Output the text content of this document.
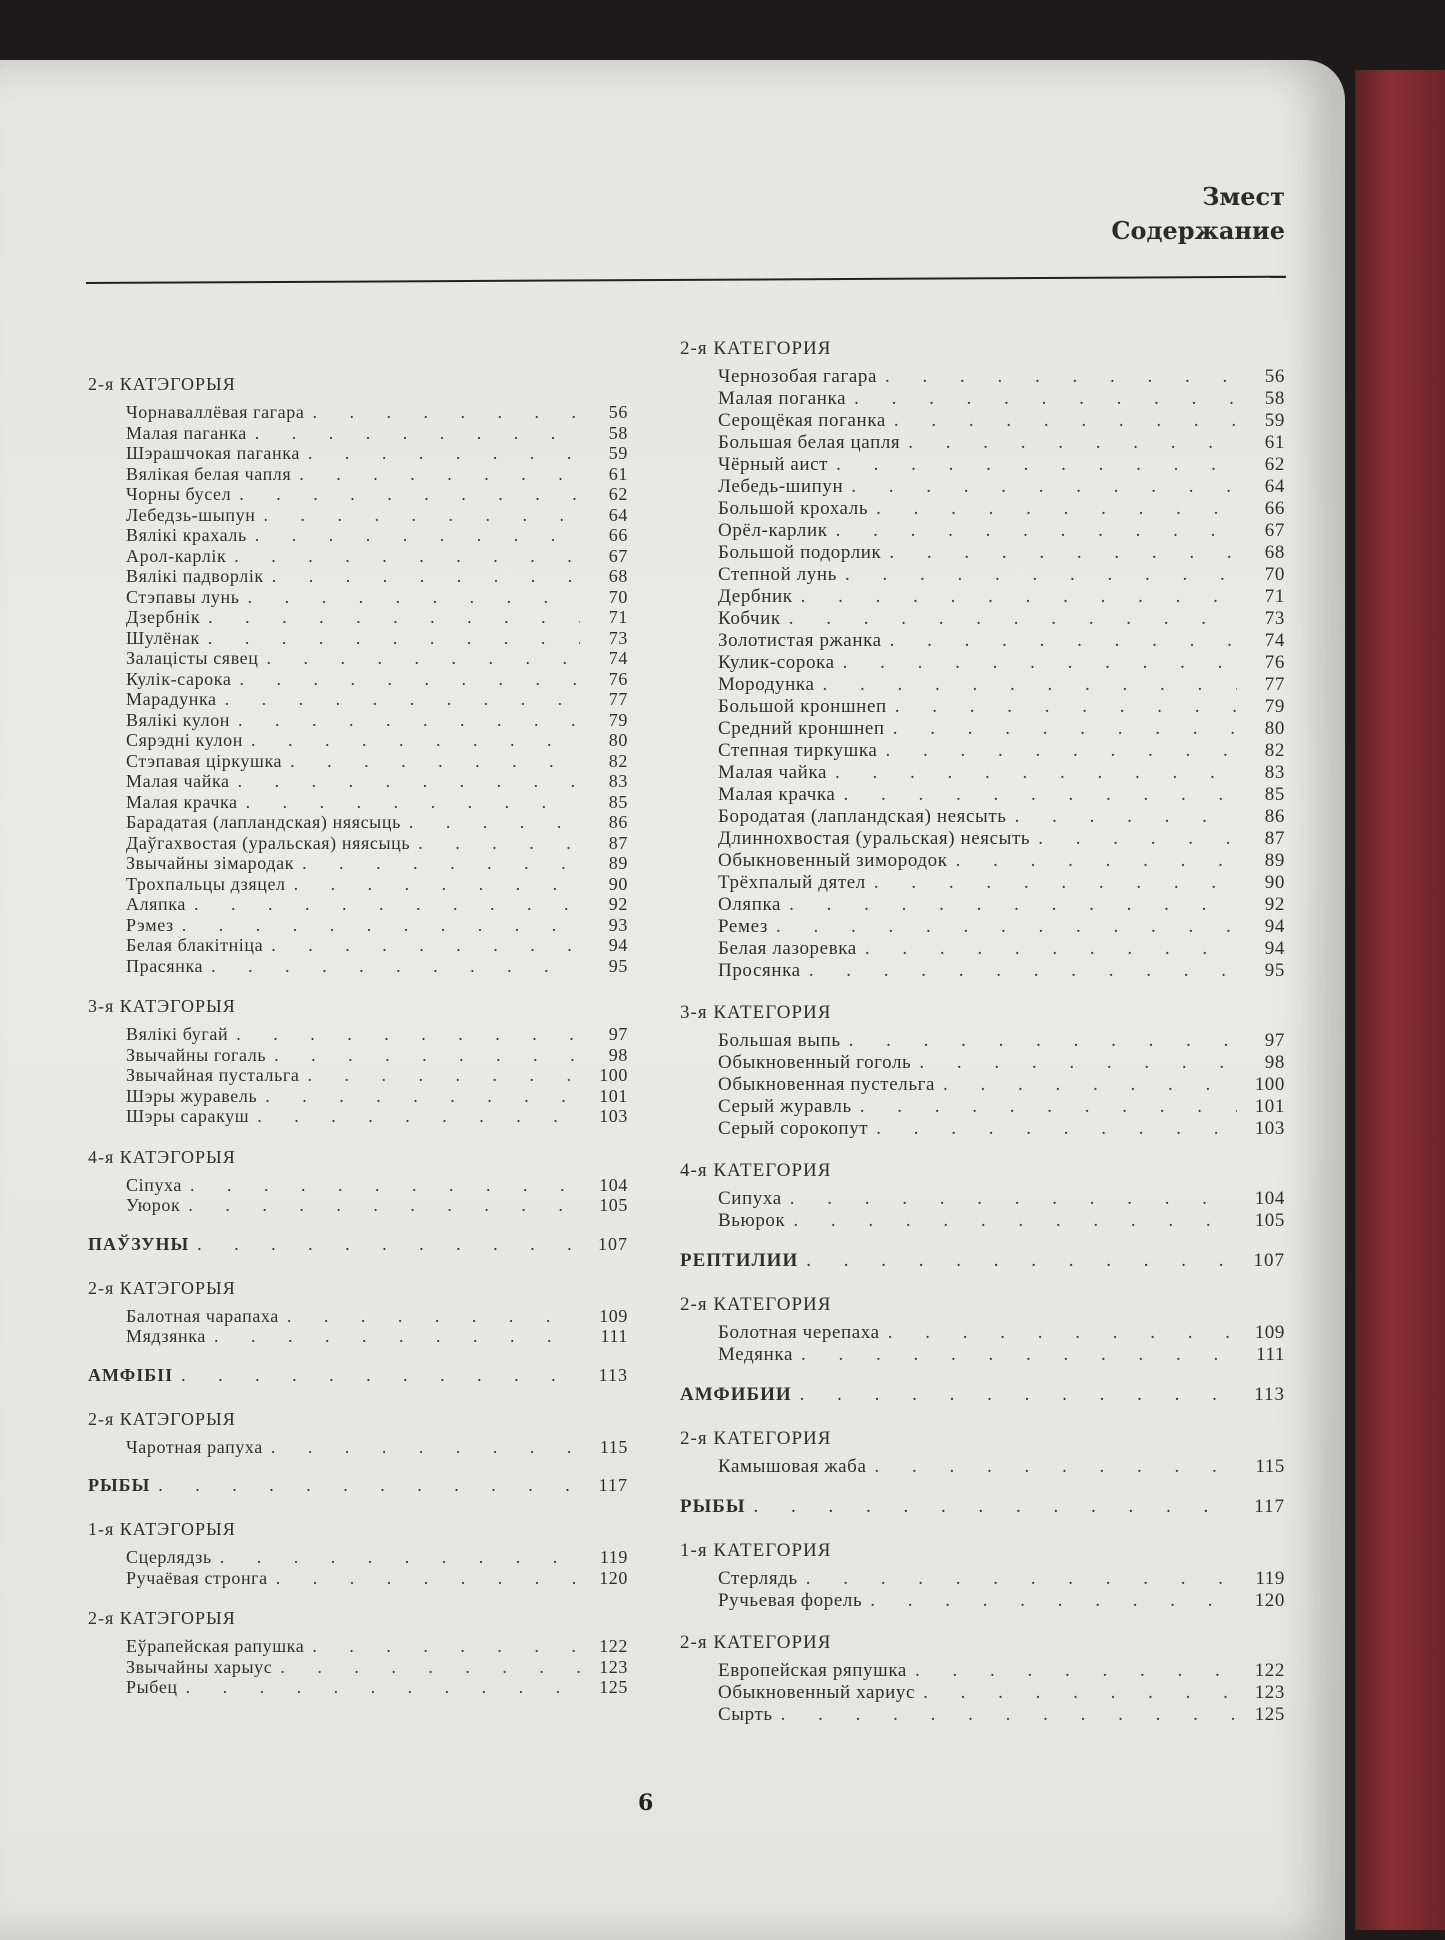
Змест
Содержание
2-я КАТЭГОРЫЯ
Чорнаваллёвая гагара . . .	56
Малая паганка . . .	58
Шэрашчокая паганка . . .	59
Вялікая белая чапля . . .	61
Чорны бусел . . .	62
Лебедзь-шыпун . . .	64
Вялікі крахаль . . .	66
Арол-карлік . . .	67
Вялікі падворлік . . .	68
Стэпавы лунь . . .	70
Дзербнік . . .	71
Шулёнак . . .	73
Залацісты сявец . . .	74
Кулік-сарока . . .	76
Марадунка . . .	77
Вялікі кулон . . .	79
Сярэдні кулон . . .	80
Стэпавая ціркушка . . .	82
Малая чайка . . .	83
Малая крачка . . .	85
Барадатая (лапландская) няясыць . . .	86
Даўгахвостая (уральская) няясыць . . .	87
Звычайны зімародак . . .	89
Трохпальцы дзяцел . . .	90
Аляпка . . .	92
Рэмез . . .	93
Белая блакітніца . . .	94
Прасянка . . .	95
3-я КАТЭГОРЫЯ
Вялікі бугай . . .	97
Звычайны гогаль . . .	98
Звычайная пустальга . . .	100
Шэры журавель . . .	101
Шэры саракуш . . .	103
4-я КАТЭГОРЫЯ
Сіпуха . . .	104
Уюрок . . .	105
ПАЎЗУНЫ . . .	107
2-я КАТЭГОРЫЯ
Балотная чарапаха . . .	109
Мядзянка . . .	111
АМФІБІІ . . .	113
2-я КАТЭГОРЫЯ
Чаротная рапуха . . .	115
РЫБЫ . . .	117
1-я КАТЭГОРЫЯ
Сцерлядзь . . .	119
Ручаёвая стронга . . .	120
2-я КАТЭГОРЫЯ
Еўрапейская рапушка . . .	122
Звычайны харыус . . .	123
Рыбец . . .	125
2-я КАТЕГОРИЯ
Чернозобая гагара . . .	56
Малая поганка . . .	58
Серощёкая поганка . . .	59
Большая белая цапля . . .	61
Чёрный аист . . .	62
Лебедь-шипун . . .	64
Большой крохаль . . .	66
Орёл-карлик . . .	67
Большой подорлик . . .	68
Степной лунь . . .	70
Дербник . . .	71
Кобчик . . .	73
Золотистая ржанка . . .	74
Кулик-сорока . . .	76
Мородунка . . .	77
Большой кроншнеп . . .	79
Средний кроншнеп . . .	80
Степная тиркушка . . .	82
Малая чайка . . .	83
Малая крачка . . .	85
Бородатая (лапландская) неясыть . . .	86
Длиннохвостая (уральская) неясыть . . .	87
Обыкновенный зимородок . . .	89
Трёхпалый дятел . . .	90
Оляпка . . .	92
Ремез . . .	94
Белая лазоревка . . .	94
Просянка . . .	95
3-я КАТЕГОРИЯ
Большая выпь . . .	97
Обыкновенный гоголь . . .	98
Обыкновенная пустельга . . .	100
Серый журавль . . .	101
Серый сорокопут . . .	103
4-я КАТЕГОРИЯ
Сипуха . . .	104
Вьюрок . . .	105
РЕПТИЛИИ . . .	107
2-я КАТЕГОРИЯ
Болотная черепаха . . .	109
Медянка . . .	111
АМФИБИИ . . .	113
2-я КАТЕГОРИЯ
Камышовая жаба . . .	115
РЫБЫ . . .	117
1-я КАТЕГОРИЯ
Стерлядь . . .	119
Ручьевая форель . . .	120
2-я КАТЕГОРИЯ
Европейская ряпушка . . .	122
Обыкновенный хариус . . .	123
Сырть . . .	125
6
